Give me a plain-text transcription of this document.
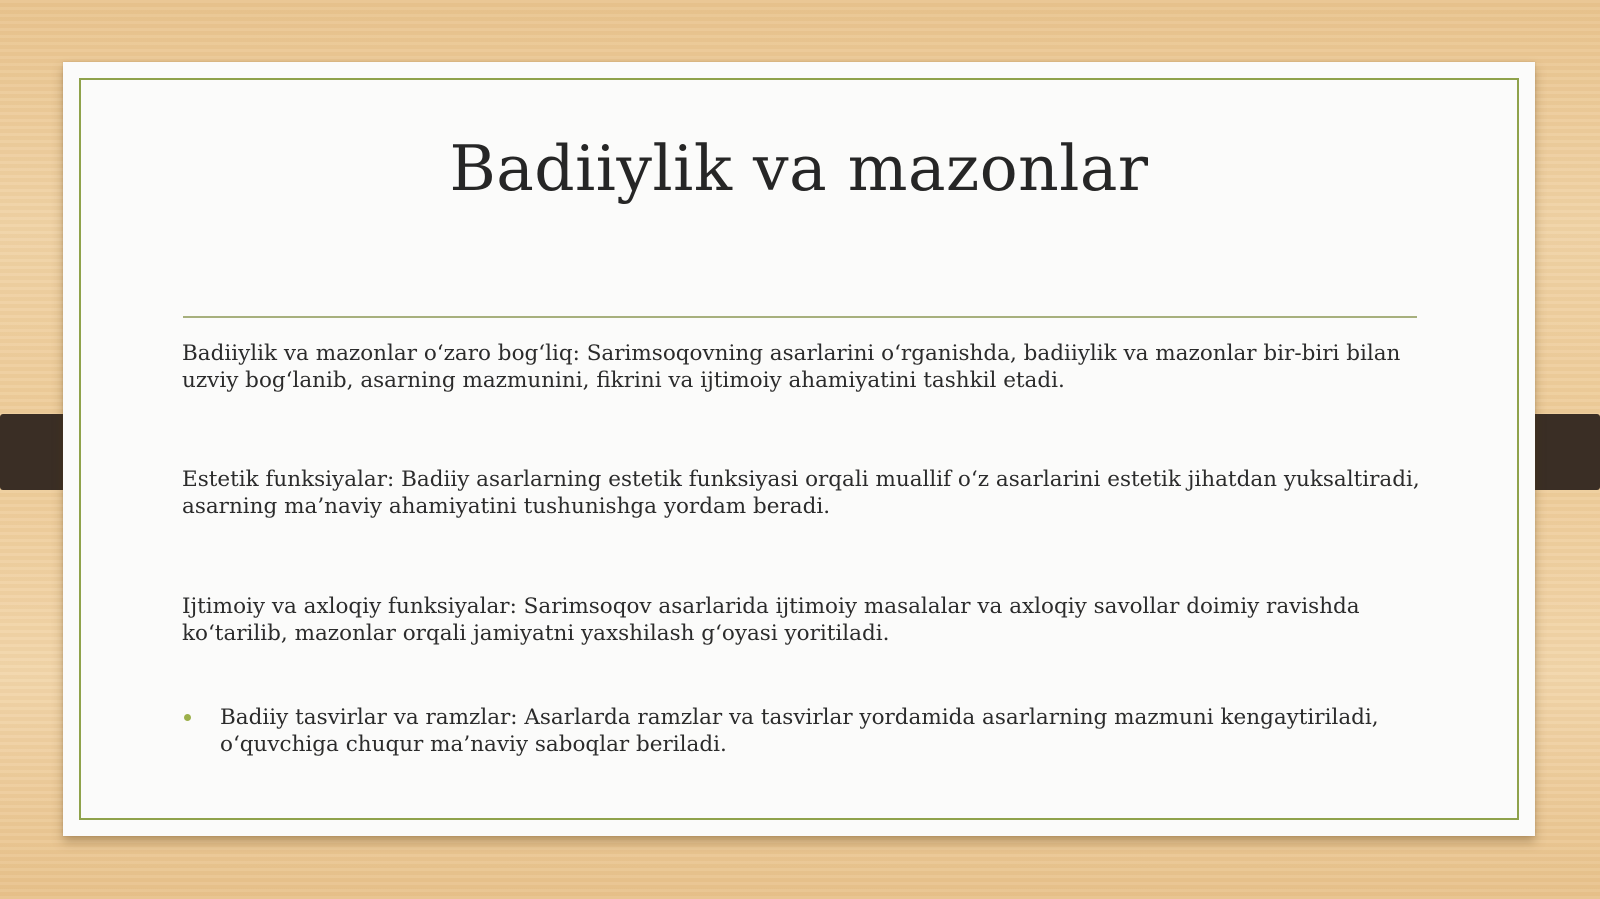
Badiiylik va mazonlar

Badiiylik va mazonlar o‘zaro bog‘liq: Sarimsoqovning asarlarini o‘rganishda, badiiylik va mazonlar bir-biri bilan uzviy bog‘lanib, asarning mazmunini, fikrini va ijtimoiy ahamiyatini tashkil etadi.

Estetik funksiyalar: Badiiy asarlarning estetik funksiyasi orqali muallif o‘z asarlarini estetik jihatdan yuksaltiradi, asarning ma’naviy ahamiyatini tushunishga yordam beradi.

Ijtimoiy va axloqiy funksiyalar: Sarimsoqov asarlarida ijtimoiy masalalar va axloqiy savollar doimiy ravishda ko‘tarilib, mazonlar orqali jamiyatni yaxshilash g‘oyasi yoritiladi.

Badiiy tasvirlar va ramzlar: Asarlarda ramzlar va tasvirlar yordamida asarlarning mazmuni kengaytiriladi, o‘quvchiga chuqur ma’naviy saboqlar beriladi.
